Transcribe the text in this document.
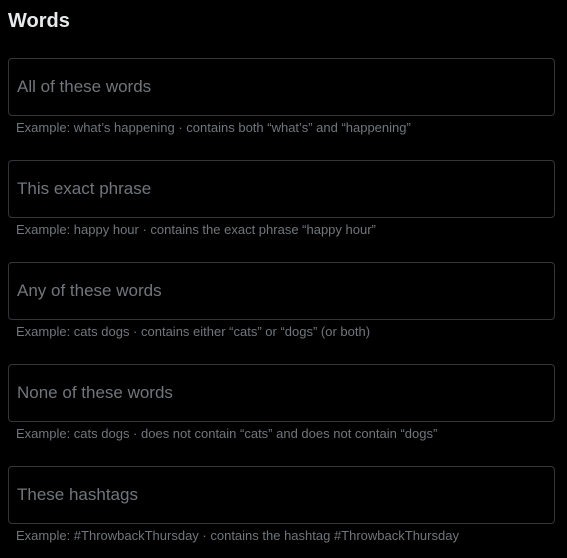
Words
All of these words
Example: what’s happening · contains both “what’s” and “happening”
This exact phrase
Example: happy hour · contains the exact phrase “happy hour”
Any of these words
Example: cats dogs · contains either “cats” or “dogs” (or both)
None of these words
Example: cats dogs · does not contain “cats” and does not contain “dogs”
These hashtags
Example: #ThrowbackThursday · contains the hashtag #ThrowbackThursday
